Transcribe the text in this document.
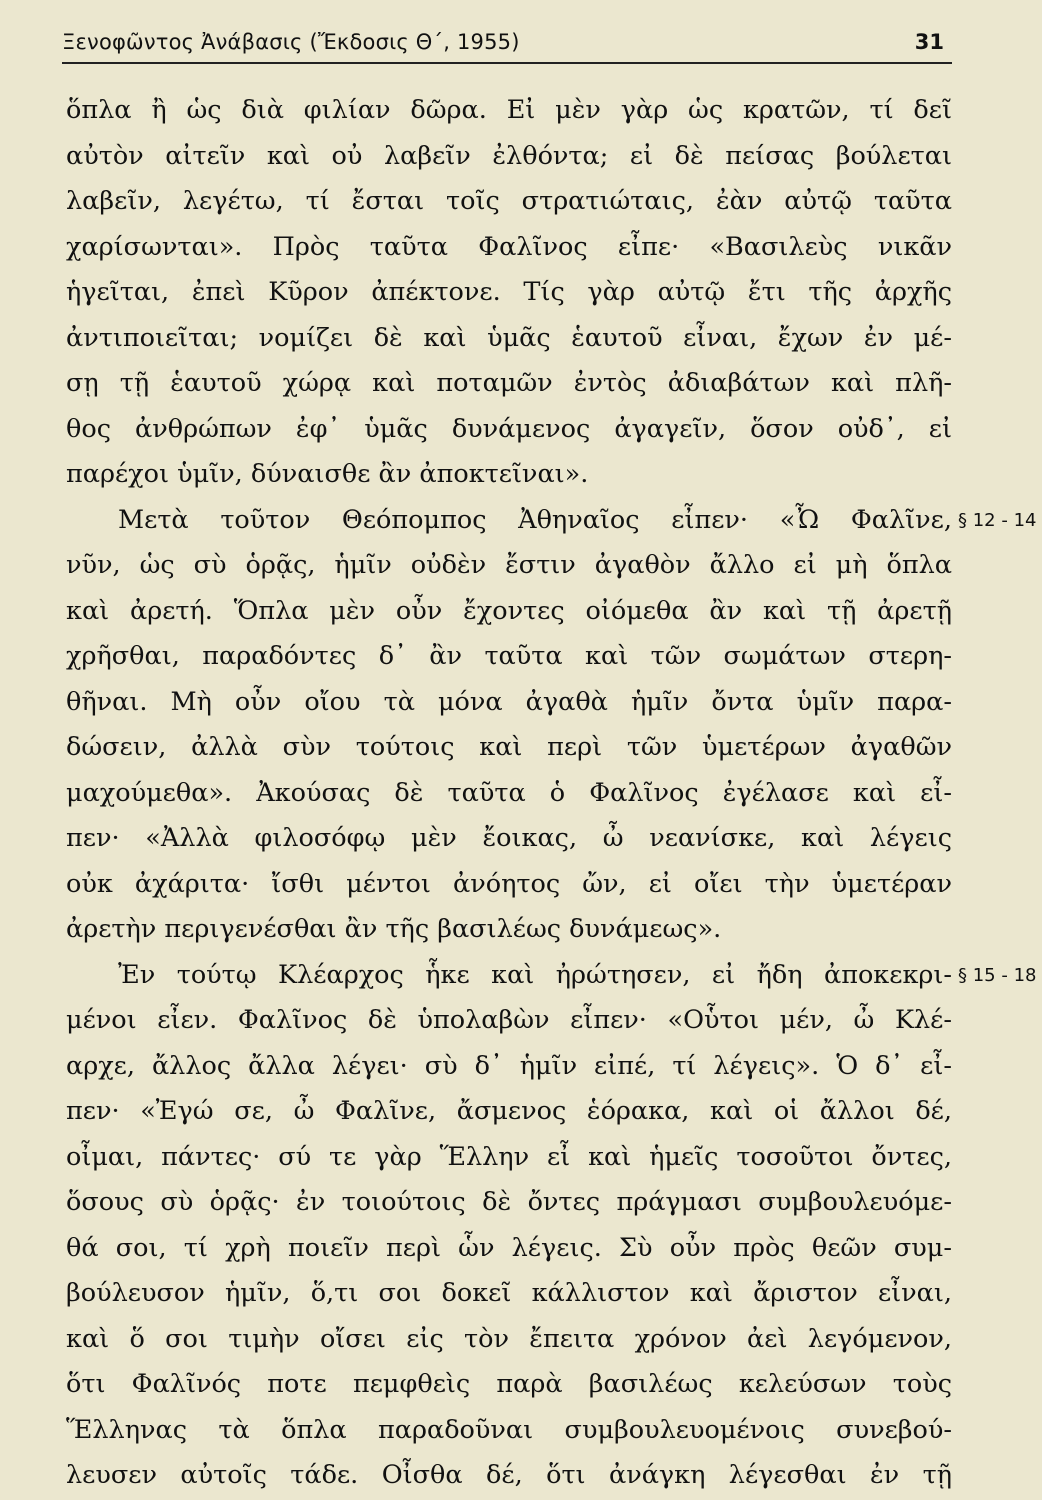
Ξενοφῶντος Ἀνάβασις (Ἔκδοσις Θ΄, 1955)	31
ὅπλα ἢ ὡς διὰ φιλίαν δῶρα. Εἰ μὲν γὰρ ὡς κρατῶν, τί δεῖ
αὐτὸν αἰτεῖν καὶ οὐ λαβεῖν ἐλθόντα; εἰ δὲ πείσας βούλεται
λαβεῖν, λεγέτω, τί ἔσται τοῖς στρατιώταις, ἐὰν αὐτῷ ταῦτα
χαρίσωνται». Πρὸς ταῦτα Φαλῖνος εἶπε· «Βασιλεὺς νικᾶν
ἡγεῖται, ἐπεὶ Κῦρον ἀπέκτονε. Τίς γὰρ αὐτῷ ἔτι τῆς ἀρχῆς
ἀντιποιεῖται; νομίζει δὲ καὶ ὑμᾶς ἑαυτοῦ εἶναι, ἔχων ἐν μέ-
σῃ τῇ ἑαυτοῦ χώρᾳ καὶ ποταμῶν ἐντὸς ἀδιαβάτων καὶ πλῆ-
θος ἀνθρώπων ἐφ᾽ ὑμᾶς δυνάμενος ἀγαγεῖν, ὅσον οὐδ᾽, εἰ
παρέχοι ὑμῖν, δύναισθε ἂν ἀποκτεῖναι».
Μετὰ τοῦτον Θεόπομπος Ἀθηναῖος εἶπεν· «Ὦ Φαλῖνε, § 12 - 14
νῦν, ὡς σὺ ὁρᾷς, ἡμῖν οὐδὲν ἔστιν ἀγαθὸν ἄλλο εἰ μὴ ὅπλα
καὶ ἀρετή. Ὅπλα μὲν οὖν ἔχοντες οἰόμεθα ἂν καὶ τῇ ἀρετῇ
χρῆσθαι, παραδόντες δ᾽ ἂν ταῦτα καὶ τῶν σωμάτων στερη-
θῆναι. Μὴ οὖν οἴου τὰ μόνα ἀγαθὰ ἡμῖν ὄντα ὑμῖν παρα-
δώσειν, ἀλλὰ σὺν τούτοις καὶ περὶ τῶν ὑμετέρων ἀγαθῶν
μαχούμεθα». Ἀκούσας δὲ ταῦτα ὁ Φαλῖνος ἐγέλασε καὶ εἶ-
πεν· «Ἀλλὰ φιλοσόφῳ μὲν ἔοικας, ὦ νεανίσκε, καὶ λέγεις
οὐκ ἀχάριτα· ἴσθι μέντοι ἀνόητος ὤν, εἰ οἴει τὴν ὑμετέραν
ἀρετὴν περιγενέσθαι ἂν τῆς βασιλέως δυνάμεως».
Ἐν τούτῳ Κλέαρχος ἧκε καὶ ἠρώτησεν, εἰ ἤδη ἀποκεκρι- § 15 - 18
μένοι εἶεν. Φαλῖνος δὲ ὑπολαβὼν εἶπεν· «Οὗτοι μέν, ὦ Κλέ-
αρχε, ἄλλος ἄλλα λέγει· σὺ δ᾽ ἡμῖν εἰπέ, τί λέγεις». Ὁ δ᾽ εἶ-
πεν· «Ἐγώ σε, ὦ Φαλῖνε, ἄσμενος ἑόρακα, καὶ οἱ ἄλλοι δέ,
οἶμαι, πάντες· σύ τε γὰρ Ἕλλην εἶ καὶ ἡμεῖς τοσοῦτοι ὄντες,
ὅσους σὺ ὁρᾷς· ἐν τοιούτοις δὲ ὄντες πράγμασι συμβουλευόμε-
θά σοι, τί χρὴ ποιεῖν περὶ ὧν λέγεις. Σὺ οὖν πρὸς θεῶν συμ-
βούλευσον ἡμῖν, ὅ,τι σοι δοκεῖ κάλλιστον καὶ ἄριστον εἶναι,
καὶ ὅ σοι τιμὴν οἴσει εἰς τὸν ἔπειτα χρόνον ἀεὶ λεγόμενον,
ὅτι Φαλῖνός ποτε πεμφθεὶς παρὰ βασιλέως κελεύσων τοὺς
Ἕλληνας τὰ ὅπλα παραδοῦναι συμβουλευομένοις συνεβού-
λευσεν αὐτοῖς τάδε. Οἶσθα δέ, ὅτι ἀνάγκη λέγεσθαι ἐν τῇ
